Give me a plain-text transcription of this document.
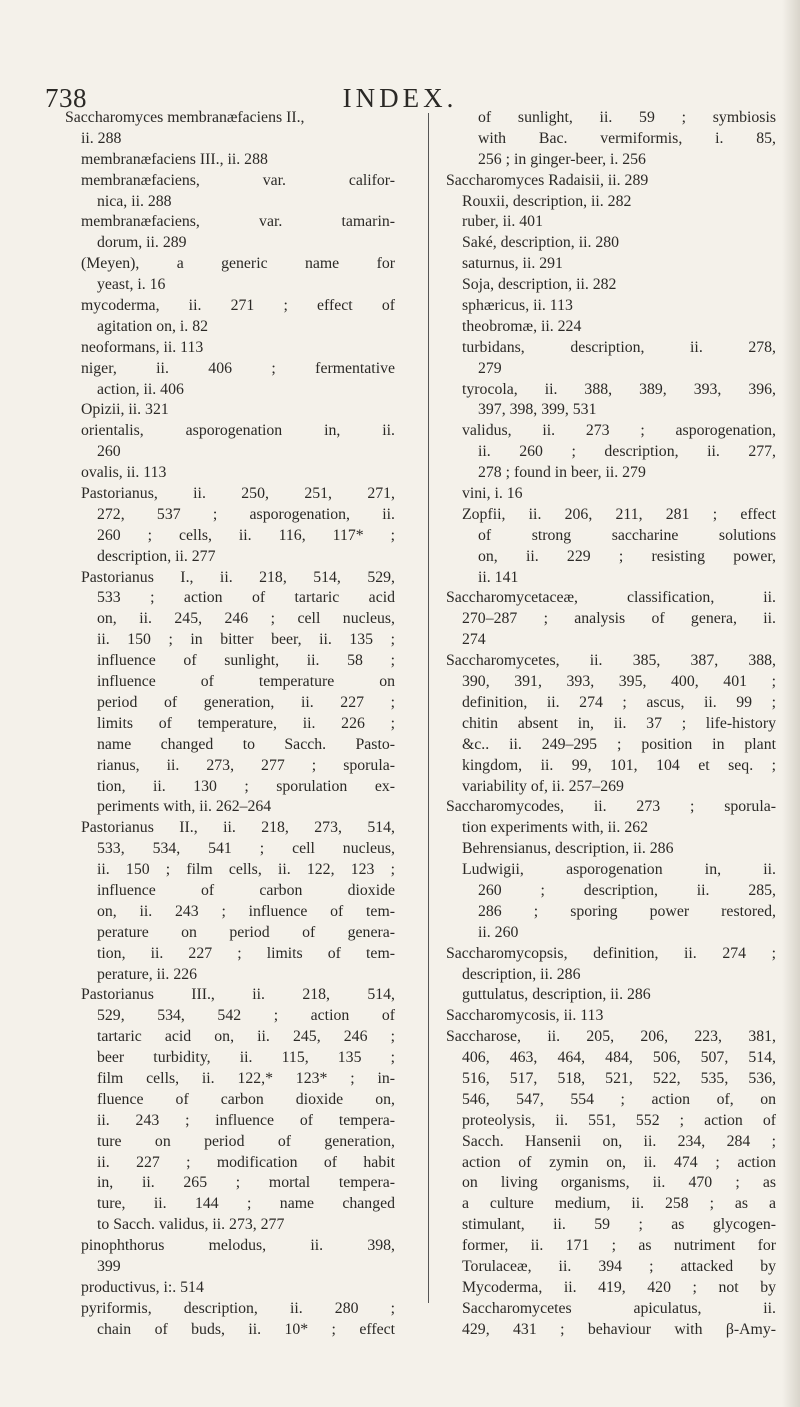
738	INDEX.
Saccharomyces membranæfaciens II.,
ii. 288
membranæfaciens III., ii. 288
membranæfaciens, var. califor-
nica, ii. 288
membranæfaciens, var. tamarin-
dorum, ii. 289
(Meyen), a generic name for
yeast, i. 16
mycoderma, ii. 271 ; effect of
agitation on, i. 82
neoformans, ii. 113
niger, ii. 406 ; fermentative
action, ii. 406
Opizii, ii. 321
orientalis, asporogenation in, ii.
260
ovalis, ii. 113
Pastorianus, ii. 250, 251, 271,
272, 537 ; asporogenation, ii.
260 ; cells, ii. 116, 117* ;
description, ii. 277
Pastorianus I., ii. 218, 514, 529,
533 ; action of tartaric acid
on, ii. 245, 246 ; cell nucleus,
ii. 150 ; in bitter beer, ii. 135 ;
influence of sunlight, ii. 58 ;
influence of temperature on
period of generation, ii. 227 ;
limits of temperature, ii. 226 ;
name changed to Sacch. Pasto-
rianus, ii. 273, 277 ; sporula-
tion, ii. 130 ; sporulation ex-
periments with, ii. 262–264
Pastorianus II., ii. 218, 273, 514,
533, 534, 541 ; cell nucleus,
ii. 150 ; film cells, ii. 122, 123 ;
influence of carbon dioxide
on, ii. 243 ; influence of tem-
perature on period of genera-
tion, ii. 227 ; limits of tem-
perature, ii. 226
Pastorianus III., ii. 218, 514,
529, 534, 542 ; action of
tartaric acid on, ii. 245, 246 ;
beer turbidity, ii. 115, 135 ;
film cells, ii. 122,* 123* ; in-
fluence of carbon dioxide on,
ii. 243 ; influence of tempera-
ture on period of generation,
ii. 227 ; modification of habit
in, ii. 265 ; mortal tempera-
ture, ii. 144 ; name changed
to Sacch. validus, ii. 273, 277
pinophthorus melodus, ii. 398,
399
productivus, i:. 514
pyriformis, description, ii. 280 ;
chain of buds, ii. 10* ; effect
of sunlight, ii. 59 ; symbiosis
with Bac. vermiformis, i. 85,
256 ; in ginger-beer, i. 256
Saccharomyces Radaisii, ii. 289
Rouxii, description, ii. 282
ruber, ii. 401
Saké, description, ii. 280
saturnus, ii. 291
Soja, description, ii. 282
sphæricus, ii. 113
theobromæ, ii. 224
turbidans, description, ii. 278,
279
tyrocola, ii. 388, 389, 393, 396,
397, 398, 399, 531
validus, ii. 273 ; asporogenation,
ii. 260 ; description, ii. 277,
278 ; found in beer, ii. 279
vini, i. 16
Zopfii, ii. 206, 211, 281 ; effect
of strong saccharine solutions
on, ii. 229 ; resisting power,
ii. 141
Saccharomycetaceæ, classification, ii.
270–287 ; analysis of genera, ii.
274
Saccharomycetes, ii. 385, 387, 388,
390, 391, 393, 395, 400, 401 ;
definition, ii. 274 ; ascus, ii. 99 ;
chitin absent in, ii. 37 ; life-history
&c.. ii. 249–295 ; position in plant
kingdom, ii. 99, 101, 104 et seq. ;
variability of, ii. 257–269
Saccharomycodes, ii. 273 ; sporula-
tion experiments with, ii. 262
Behrensianus, description, ii. 286
Ludwigii, asporogenation in, ii.
260 ; description, ii. 285,
286 ; sporing power restored,
ii. 260
Saccharomycopsis, definition, ii. 274 ;
description, ii. 286
guttulatus, description, ii. 286
Saccharomycosis, ii. 113
Saccharose, ii. 205, 206, 223, 381,
406, 463, 464, 484, 506, 507, 514,
516, 517, 518, 521, 522, 535, 536,
546, 547, 554 ; action of, on
proteolysis, ii. 551, 552 ; action of
Sacch. Hansenii on, ii. 234, 284 ;
action of zymin on, ii. 474 ; action
on living organisms, ii. 470 ; as
a culture medium, ii. 258 ; as a
stimulant, ii. 59 ; as glycogen-
former, ii. 171 ; as nutriment for
Torulaceæ, ii. 394 ; attacked by
Mycoderma, ii. 419, 420 ; not by
Saccharomycetes apiculatus, ii.
429, 431 ; behaviour with β-Amy-
